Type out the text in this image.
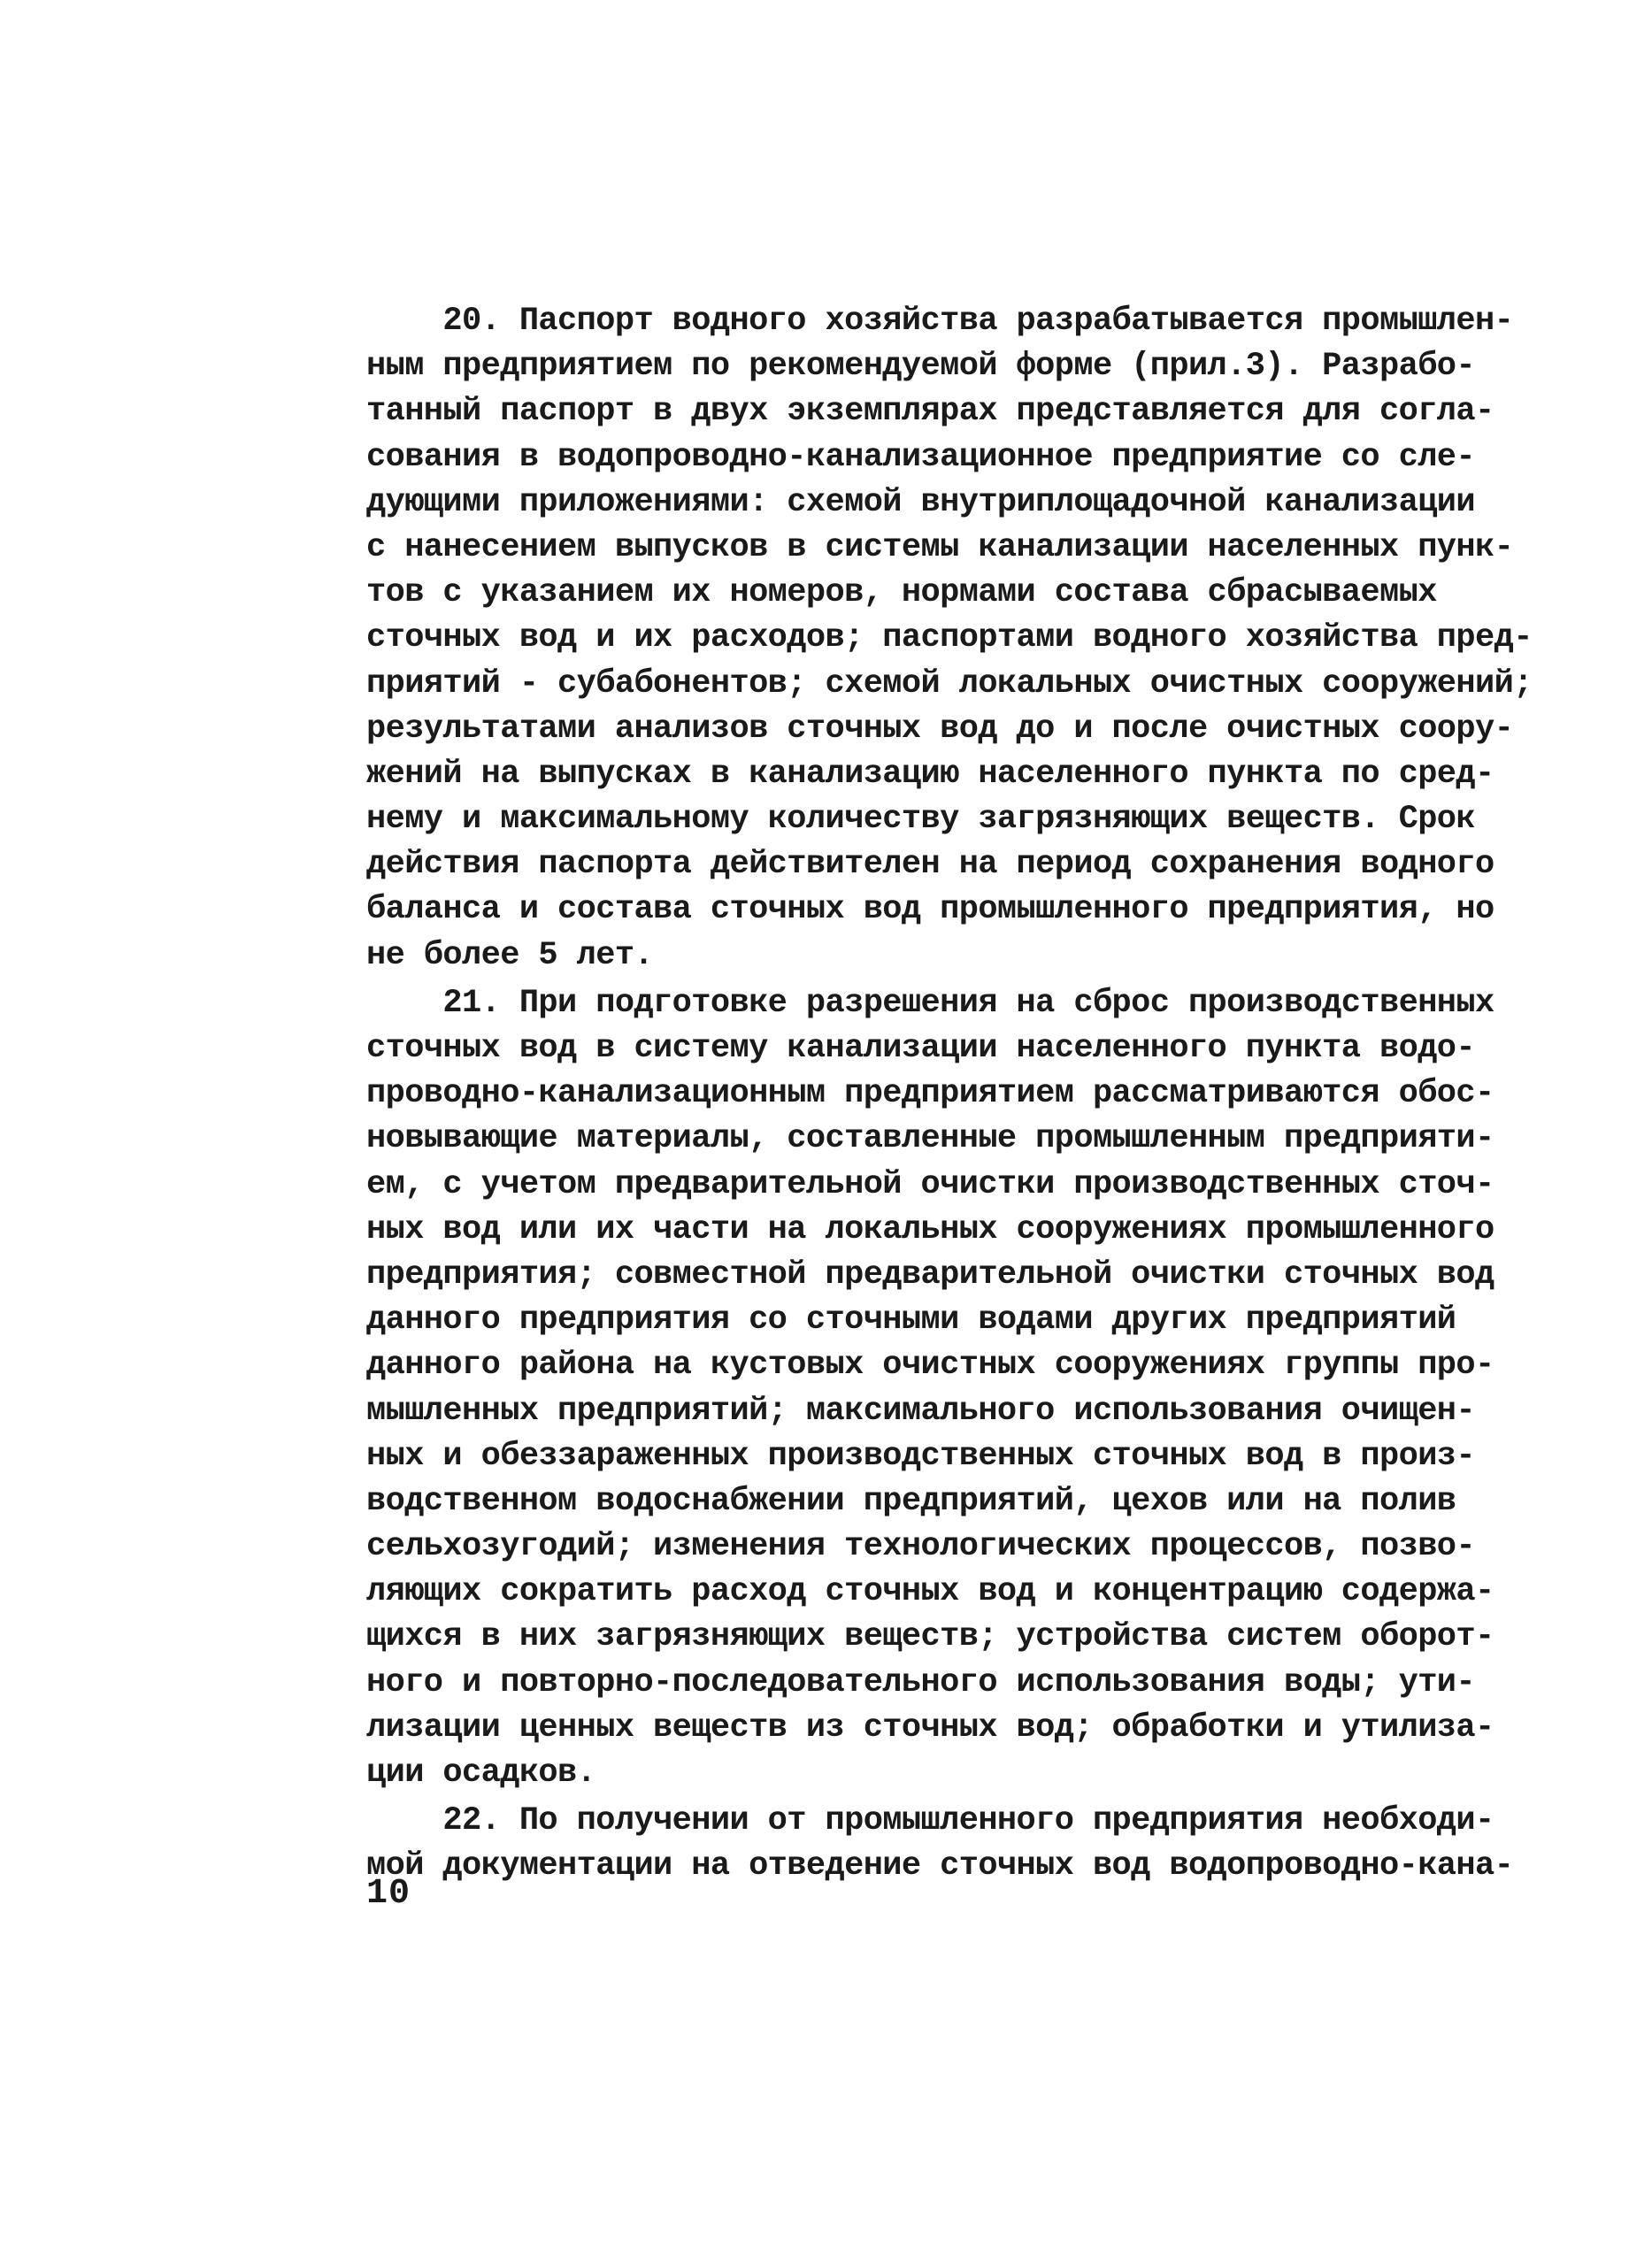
20. Паспорт водного хозяйства разрабатывается промышлен-
ным предприятием по рекомендуемой форме (прил.3). Разрабо-
танный паспорт в двух экземплярах представляется для согла-
сования в водопроводно-канализационное предприятие со сле-
дующими приложениями: схемой внутриплощадочной канализации
с нанесением выпусков в системы канализации населенных пунк-
тов с указанием их номеров, нормами состава сбрасываемых
сточных вод и их расходов; паспортами водного хозяйства пред-
приятий - субабонентов; схемой локальных очистных сооружений;
результатами анализов сточных вод до и после очистных соору-
жений на выпусках в канализацию населенного пункта по сред-
нему и максимальному количеству загрязняющих веществ. Срок
действия паспорта действителен на период сохранения водного
баланса и состава сточных вод промышленного предприятия, но
не более 5 лет.
21. При подготовке разрешения на сброс производственных
сточных вод в систему канализации населенного пункта водо-
проводно-канализационным предприятием рассматриваются обос-
новывающие материалы, составленные промышленным предприяти-
ем, с учетом предварительной очистки производственных сточ-
ных вод или их части на локальных сооружениях промышленного
предприятия; совместной предварительной очистки сточных вод
данного предприятия со сточными водами других предприятий
данного района на кустовых очистных сооружениях группы про-
мышленных предприятий; максимального использования очищен-
ных и обеззараженных производственных сточных вод в произ-
водственном водоснабжении предприятий, цехов или на полив
сельхозугодий; изменения технологических процессов, позво-
ляющих сократить расход сточных вод и концентрацию содержа-
щихся в них загрязняющих веществ; устройства систем оборот-
ного и повторно-последовательного использования воды; ути-
лизации ценных веществ из сточных вод; обработки и утилиза-
ции осадков.
22. По получении от промышленного предприятия необходи-
мой документации на отведение сточных вод водопроводно-кана-
10
